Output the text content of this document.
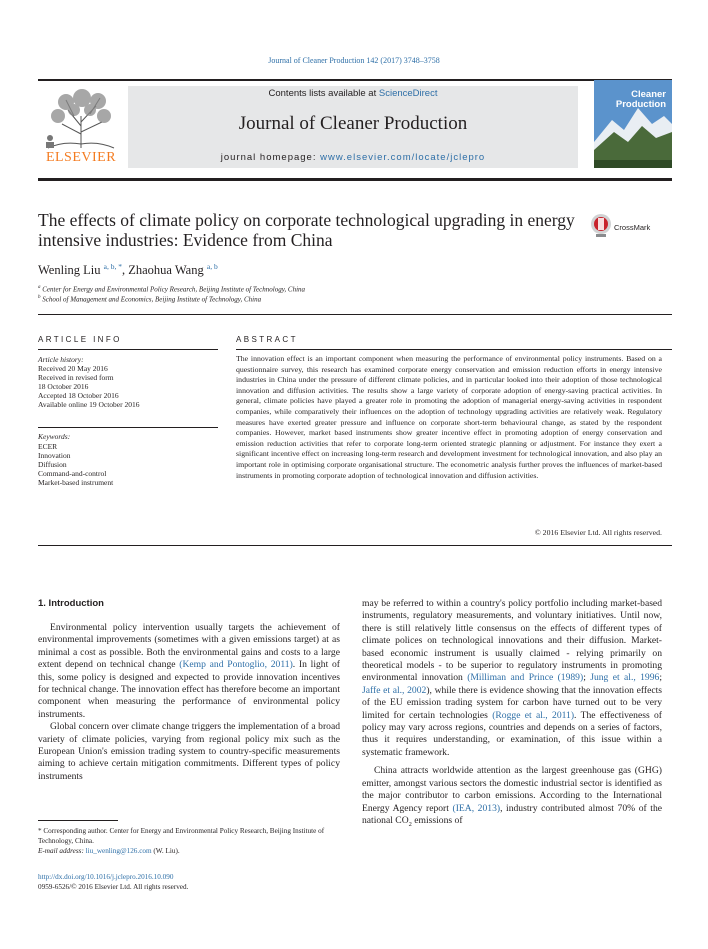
Journal of Cleaner Production 142 (2017) 3748–3758
ELSEVIER
Contents lists available at ScienceDirect
Journal of Cleaner Production
journal homepage: www.elsevier.com/locate/jclepro
Cleaner
Production
The effects of climate policy on corporate technological upgrading in energy intensive industries: Evidence from China
CrossMark
Wenling Liu $^{a, b, *}$, Zhaohua Wang $^{a, b}$
$^a$ Center for Energy and Environmental Policy Research, Beijing Institute of Technology, China
$^b$ School of Management and Economics, Beijing Institute of Technology, China
ARTICLE INFO
Article history:
Received 20 May 2016
Received in revised form
18 October 2016
Accepted 18 October 2016
Available online 19 October 2016
Keywords:
ECER
Innovation
Diffusion
Command-and-control
Market-based instrument
ABSTRACT
The innovation effect is an important component when measuring the performance of environmental policy instruments. Based on a questionnaire survey, this research has examined corporate energy conservation and emission reduction efforts in energy intensive industries in China under the pressure of different climate policies, and in particular looked into their adoption of those technological innovation and diffusion activities. The results show a large variety of corporate adoption of energy-saving practical activities. In general, climate policies have played a greater role in promoting the adoption of managerial energy-saving activities in respondent companies, while comparatively their influences on the adoption of technology upgrading activities are relatively weak. Regulatory measures have exerted greater pressure and influence on corporate short-term behavioural change, as stated by the respondent companies. However, market based instruments show greater incentive effect in promoting adoption of energy conservation and emission reduction activities that refer to corporate long-term oriented strategic planning or adjustment. For instance they exert a significant incentive effect on increasing long-term research and development investment for technological innovation, and also play an important role in optimising corporate organisational structure. The econometric analysis further proves the influences of market-based instruments in promoting corporate adoption of technological innovation and diffusion activities.
© 2016 Elsevier Ltd. All rights reserved.
1. Introduction

Environmental policy intervention usually targets the achievement of environmental improvements (sometimes with a given emissions target) at as minimal a cost as possible. Both the environmental gains and costs to a large extent depend on technical change (Kemp and Pontoglio, 2011). In light of this, some policy is designed and expected to provide innovation incentives for technical change. The innovation effect has therefore become an important component when measuring the performance of environmental policy instruments.

Global concern over climate change triggers the implementation of a broad variety of climate policies, varying from regional policy mix such as the European Union's emission trading system to country-specific measurements aiming to achieve certain mitigation commitments. Different types of policy instruments

may be referred to within a country's policy portfolio including market-based instruments, regulatory measurements, and voluntary initiatives. Until now, there is still relatively little consensus on the effects of different types of climate polices on technological innovations and their diffusion. Market-based economic instrument is usually claimed - relying primarily on theoretical models - to be superior to regulatory instruments in promoting environmental innovation (Milliman and Prince (1989); Jung et al., 1996; Jaffe et al., 2002), while there is evidence showing that the innovation effects of the EU emission trading system for carbon have turned out to be very limited for certain technologies (Rogge et al., 2011). The effectiveness of policy may vary across regions, countries and depends on a series of factors, thus it requires understanding, or examination, of this issue within a systematic framework.

China attracts worldwide attention as the largest greenhouse gas (GHG) emitter, amongst various sectors the domestic industrial sector is identified as the major contributor to carbon emissions. According to the International Energy Agency report (IEA, 2013), industry contributed almost 70% of the national $CO_2$ emissions of

* Corresponding author. Center for Energy and Environmental Policy Research, Beijing Institute of Technology, China.
E-mail address: liu_wenling@126.com (W. Liu).
http://dx.doi.org/10.1016/j.jclepro.2016.10.090
0959-6526/© 2016 Elsevier Ltd. All rights reserved.
